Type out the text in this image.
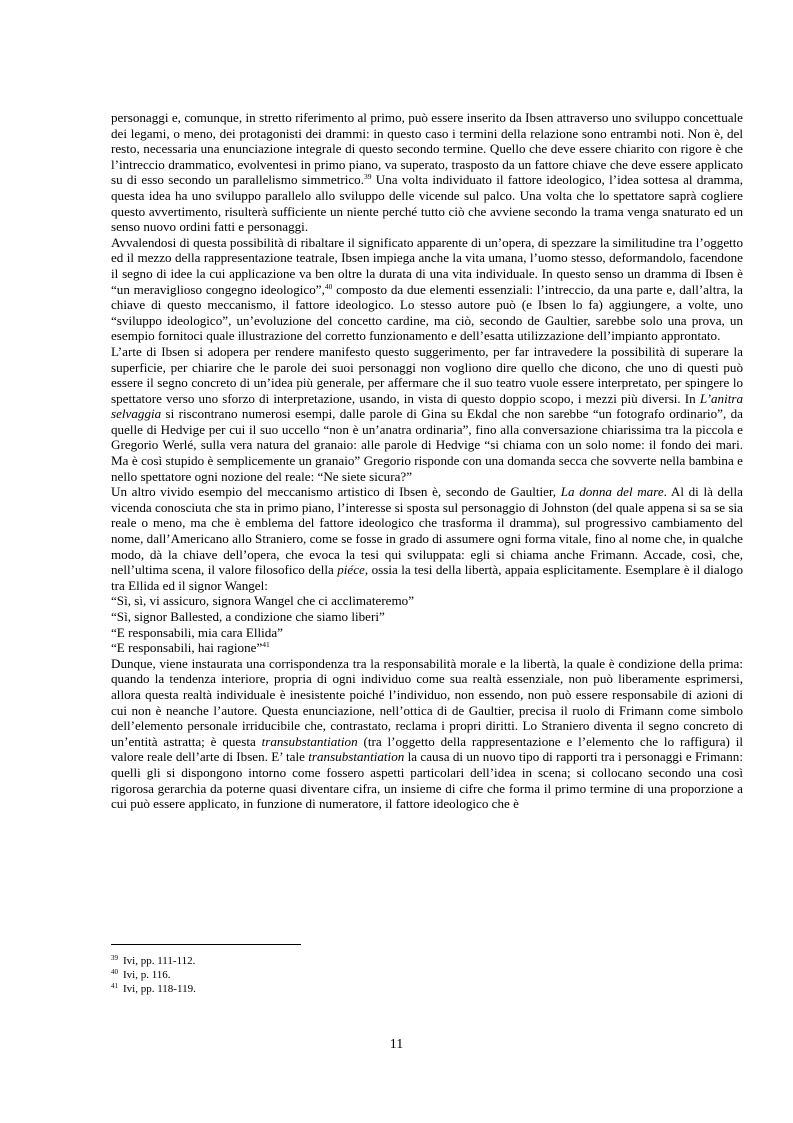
personaggi e, comunque, in stretto riferimento al primo, può essere inserito da Ibsen attraverso uno sviluppo concettuale dei legami, o meno, dei protagonisti dei drammi: in questo caso i termini della relazione sono entrambi noti. Non è, del resto, necessaria una enunciazione integrale di questo secondo termine. Quello che deve essere chiarito con rigore è che l’intreccio drammatico, evolventesi in primo piano, va superato, trasposto da un fattore chiave che deve essere applicato su di esso secondo un parallelismo simmetrico.$^{39}$ Una volta individuato il fattore ideologico, l’idea sottesa al dramma, questa idea ha uno sviluppo parallelo allo sviluppo delle vicende sul palco. Una volta che lo spettatore saprà cogliere questo avvertimento, risulterà sufficiente un niente perché tutto ciò che avviene secondo la trama venga snaturato ed un senso nuovo ordini fatti e personaggi.

Avvalendosi di questa possibilità di ribaltare il significato apparente di un’opera, di spezzare la similitudine tra l’oggetto ed il mezzo della rappresentazione teatrale, Ibsen impiega anche la vita umana, l’uomo stesso, deformandolo, facendone il segno di idee la cui applicazione va ben oltre la durata di una vita individuale. In questo senso un dramma di Ibsen è “un meraviglioso congegno ideologico”,$^{40}$ composto da due elementi essenziali: l’intreccio, da una parte e, dall’altra, la chiave di questo meccanismo, il fattore ideologico. Lo stesso autore può (e Ibsen lo fa) aggiungere, a volte, uno “sviluppo ideologico”, un’evoluzione del concetto cardine, ma ciò, secondo de Gaultier, sarebbe solo una prova, un esempio fornitoci quale illustrazione del corretto funzionamento e dell’esatta utilizzazione dell’impianto approntato.

L’arte di Ibsen si adopera per rendere manifesto questo suggerimento, per far intravedere la possibilità di superare la superficie, per chiarire che le parole dei suoi personaggi non vogliono dire quello che dicono, che uno di questi può essere il segno concreto di un’idea più generale, per affermare che il suo teatro vuole essere interpretato, per spingere lo spettatore verso uno sforzo di interpretazione, usando, in vista di questo doppio scopo, i mezzi più diversi. In L’anitra selvaggia si riscontrano numerosi esempi, dalle parole di Gina su Ekdal che non sarebbe “un fotografo ordinario”, da quelle di Hedvige per cui il suo uccello “non è un’anatra ordinaria”, fino alla conversazione chiarissima tra la piccola e Gregorio Werlé, sulla vera natura del granaio: alle parole di Hedvige “si chiama con un solo nome: il fondo dei mari. Ma è così stupido è semplicemente un granaio” Gregorio risponde con una domanda secca che sovverte nella bambina e nello spettatore ogni nozione del reale: “Ne siete sicura?”

Un altro vivido esempio del meccanismo artistico di Ibsen è, secondo de Gaultier, La donna del mare. Al di là della vicenda conosciuta che sta in primo piano, l’interesse si sposta sul personaggio di Johnston (del quale appena si sa se sia reale o meno, ma che è emblema del fattore ideologico che trasforma il dramma), sul progressivo cambiamento del nome, dall’Americano allo Straniero, come se fosse in grado di assumere ogni forma vitale, fino al nome che, in qualche modo, dà la chiave dell’opera, che evoca la tesi qui sviluppata: egli si chiama anche Frimann. Accade, così, che, nell’ultima scena, il valore filosofico della piéce, ossia la tesi della libertà, appaia esplicitamente. Esemplare è il dialogo tra Ellida ed il signor Wangel:

“Sì, sì, vi assicuro, signora Wangel che ci acclimateremo”

“Sì, signor Ballested, a condizione che siamo liberi”

“E responsabili, mia cara Ellida”

“E responsabili, hai ragione”$^{41}$

Dunque, viene instaurata una corrispondenza tra la responsabilità morale e la libertà, la quale è condizione della prima: quando la tendenza interiore, propria di ogni individuo come sua realtà essenziale, non può liberamente esprimersi, allora questa realtà individuale è inesistente poiché l’individuo, non essendo, non può essere responsabile di azioni di cui non è neanche l’autore. Questa enunciazione, nell’ottica di de Gaultier, precisa il ruolo di Frimann come simbolo dell’elemento personale irriducibile che, contrastato, reclama i propri diritti. Lo Straniero diventa il segno concreto di un’entità astratta; è questa transubstantiation (tra l’oggetto della rappresentazione e l’elemento che lo raffigura) il valore reale dell’arte di Ibsen. E’ tale transubstantiation la causa di un nuovo tipo di rapporti tra i personaggi e Frimann: quelli gli si dispongono intorno come fossero aspetti particolari dell’idea in scena; si collocano secondo una così rigorosa gerarchia da poterne quasi diventare cifra, un insieme di cifre che forma il primo termine di una proporzione a cui può essere applicato, in funzione di numeratore, il fattore ideologico che è

$^{39}$ Ivi, pp. 111-112.

$^{40}$ Ivi, p. 116.

$^{41}$ Ivi, pp. 118-119.

11
